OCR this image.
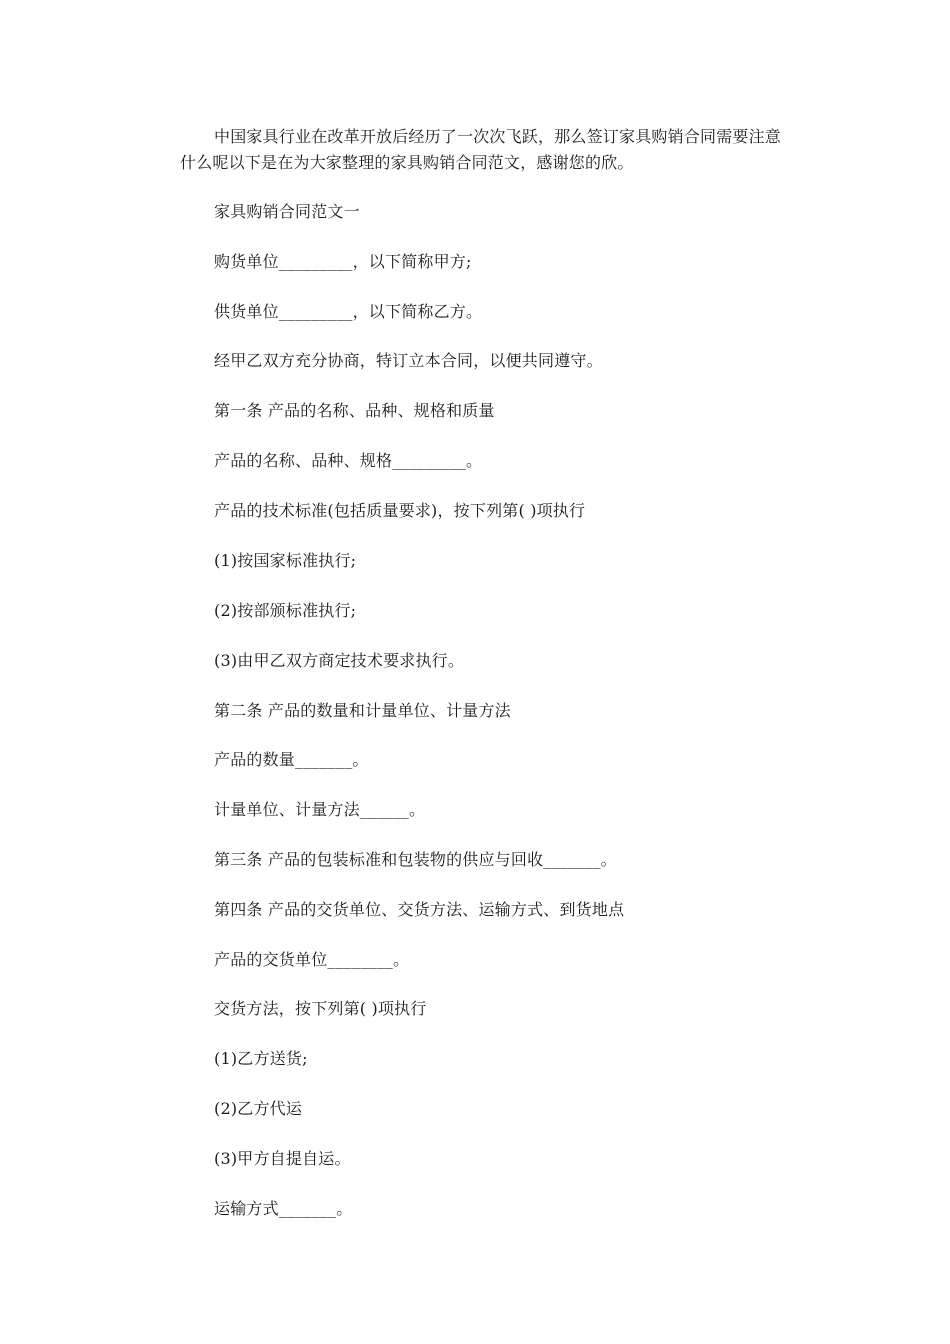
中国家具行业在改革开放后经历了一次次飞跃，那么签订家具购销合同需要注意什么呢以下是在为大家整理的家具购销合同范文，感谢您的欣。

家具购销合同范文一

购货单位_________，以下简称甲方;

供货单位_________，以下简称乙方。

经甲乙双方充分协商，特订立本合同，以便共同遵守。

第一条 产品的名称、品种、规格和质量

产品的名称、品种、规格_________。

产品的技术标准(包括质量要求)，按下列第( )项执行

(1)按国家标准执行;

(2)按部颁标准执行;

(3)由甲乙双方商定技术要求执行。

第二条 产品的数量和计量单位、计量方法

产品的数量_______。

计量单位、计量方法______。

第三条 产品的包装标准和包装物的供应与回收_______。

第四条 产品的交货单位、交货方法、运输方式、到货地点

产品的交货单位________。

交货方法，按下列第( )项执行

(1)乙方送货;

(2)乙方代运

(3)甲方自提自运。

运输方式_______。
